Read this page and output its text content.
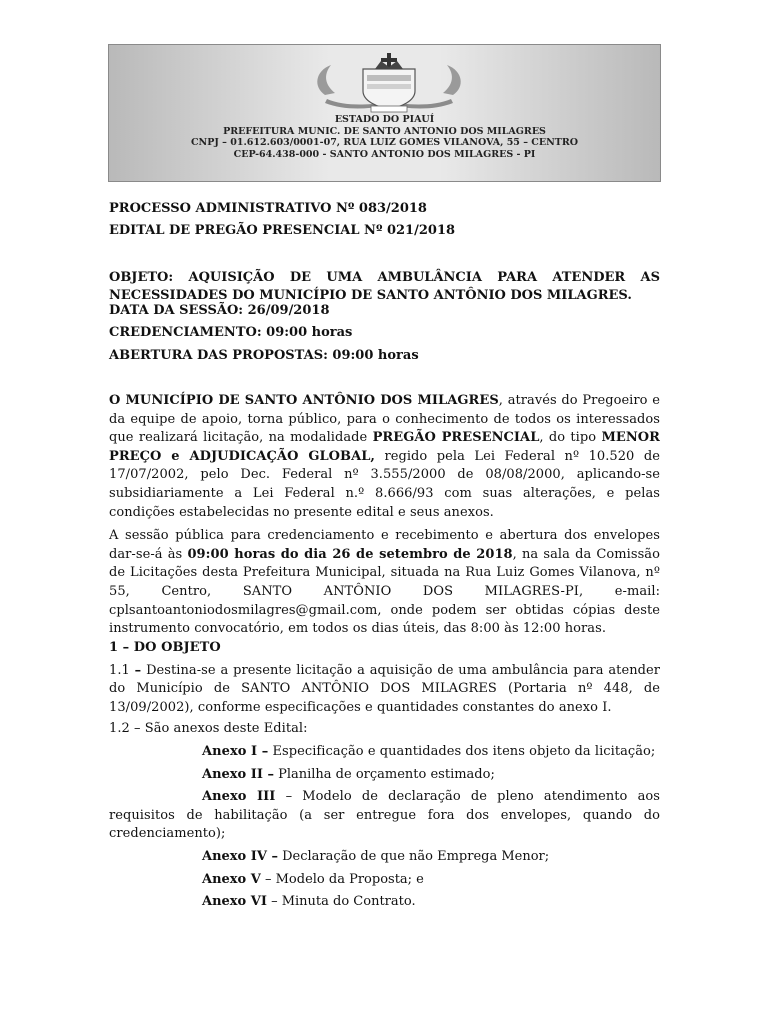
ESTADO DO PIAUÍ
PREFEITURA MUNIC. DE SANTO ANTONIO DOS MILAGRES
CNPJ – 01.612.603/0001-07, RUA LUIZ GOMES VILANOVA, 55 – CENTRO
CEP-64.438-000 - SANTO ANTONIO DOS MILAGRES - PI
PROCESSO ADMINISTRATIVO Nº 083/2018
EDITAL DE PREGÃO PRESENCIAL Nº 021/2018
OBJETO: AQUISIÇÃO DE UMA AMBULÂNCIA PARA ATENDER AS
NECESSIDADES DO MUNICÍPIO DE SANTO ANTÔNIO DOS MILAGRES.
DATA DA SESSÃO: 26/09/2018
CREDENCIAMENTO: 09:00 horas
ABERTURA DAS PROPOSTAS: 09:00 horas

O MUNICÍPIO DE SANTO ANTÔNIO DOS MILAGRES, através do Pregoeiro e da equipe de apoio, torna público, para o conhecimento de todos os interessados que realizará licitação, na modalidade PREGÃO PRESENCIAL, do tipo MENOR PREÇO e ADJUDICAÇÃO GLOBAL, regido pela Lei Federal nº 10.520 de 17/07/2002, pelo Dec. Federal nº 3.555/2000 de 08/08/2000, aplicando-se subsidiariamente a Lei Federal n.º 8.666/93 com suas alterações, e pelas condições estabelecidas no presente edital e seus anexos.

A sessão pública para credenciamento e recebimento e abertura dos envelopes dar-se-á às 09:00 horas do dia 26 de setembro de 2018, na sala da Comissão de Licitações desta Prefeitura Municipal, situada na Rua Luiz Gomes Vilanova, nº 55, Centro, SANTO ANTÔNIO DOS MILAGRES-PI, e-mail: cplsantoantoniodosmilagres@gmail.com, onde podem ser obtidas cópias deste instrumento convocatório, em todos os dias úteis, das 8:00 às 12:00 horas.

1 – DO OBJETO

1.1 – Destina-se a presente licitação a aquisição de uma ambulância para atender do Município de SANTO ANTÔNIO DOS MILAGRES (Portaria nº 448, de 13/09/2002), conforme especificações e quantidades constantes do anexo I.

1.2 – São anexos deste Edital:

Anexo I – Especificação e quantidades dos itens objeto da licitação;

Anexo II – Planilha de orçamento estimado;

Anexo III – Modelo de declaração de pleno atendimento aos requisitos de habilitação (a ser entregue fora dos envelopes, quando do credenciamento);

Anexo IV – Declaração de que não Emprega Menor;

Anexo V – Modelo da Proposta; e

Anexo VI – Minuta do Contrato.
